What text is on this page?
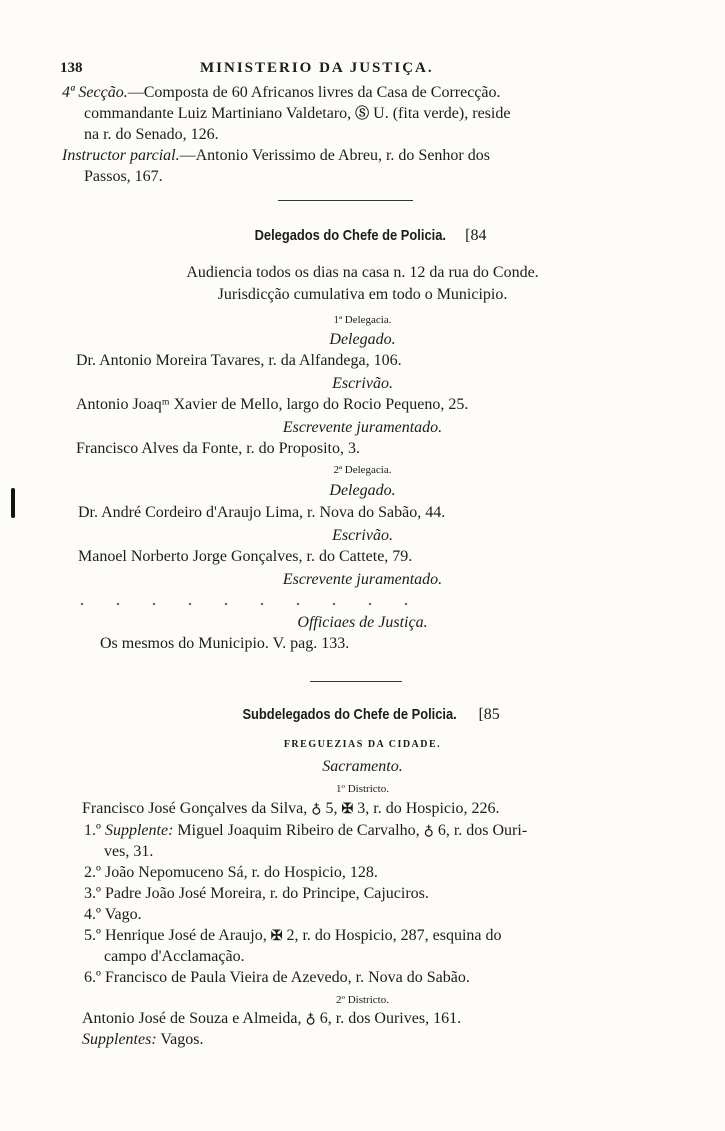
138	MINISTERIO DA JUSTIÇA.
4ª Secção.—Composta de 60 Africanos livres da Casa de Correcção.
commandante Luiz Martiniano Valdetaro, Ⓢ U. (fita verde), reside
na r. do Senado, 126.
Instructor parcial.—Antonio Verissimo de Abreu, r. do Senhor dos
Passos, 167.
Delegados do Chefe de Policia. [84
Audiencia todos os dias na casa n. 12 da rua do Conde.
Jurisdicção cumulativa em todo o Municipio.
1ª Delegacia.
Delegado.
Dr. Antonio Moreira Tavares, r. da Alfandega, 106.
Escrivão.
Antonio Joaqᵐ Xavier de Mello, largo do Rocio Pequeno, 25.
Escrevente juramentado.
Francisco Alves da Fonte, r. do Proposito, 3.
2ª Delegacia.
Delegado.
Dr. André Cordeiro d'Araujo Lima, r. Nova do Sabão, 44.
Escrivão.
Manoel Norberto Jorge Gonçalves, r. do Cattete, 79.
Escrevente juramentado.
. . . . . . . . . .
Officiaes de Justiça.
Os mesmos do Municipio. V. pag. 133.
Subdelegados do Chefe de Policia. [85
FREGUEZIAS DA CIDADE.
Sacramento.
1º Districto.
Francisco José Gonçalves da Silva, ♁ 5, ✠ 3, r. do Hospicio, 226.
1.º Supplente: Miguel Joaquim Ribeiro de Carvalho, ♁ 6, r. dos Ouri-
ves, 31.
2.º João Nepomuceno Sá, r. do Hospicio, 128.
3.º Padre João José Moreira, r. do Principe, Cajuciros.
4.º Vago.
5.º Henrique José de Araujo, ✠ 2, r. do Hospicio, 287, esquina do
campo d'Acclamação.
6.º Francisco de Paula Vieira de Azevedo, r. Nova do Sabão.
2º Districto.
Antonio José de Souza e Almeida, ♁ 6, r. dos Ourives, 161.
Supplentes: Vagos.
